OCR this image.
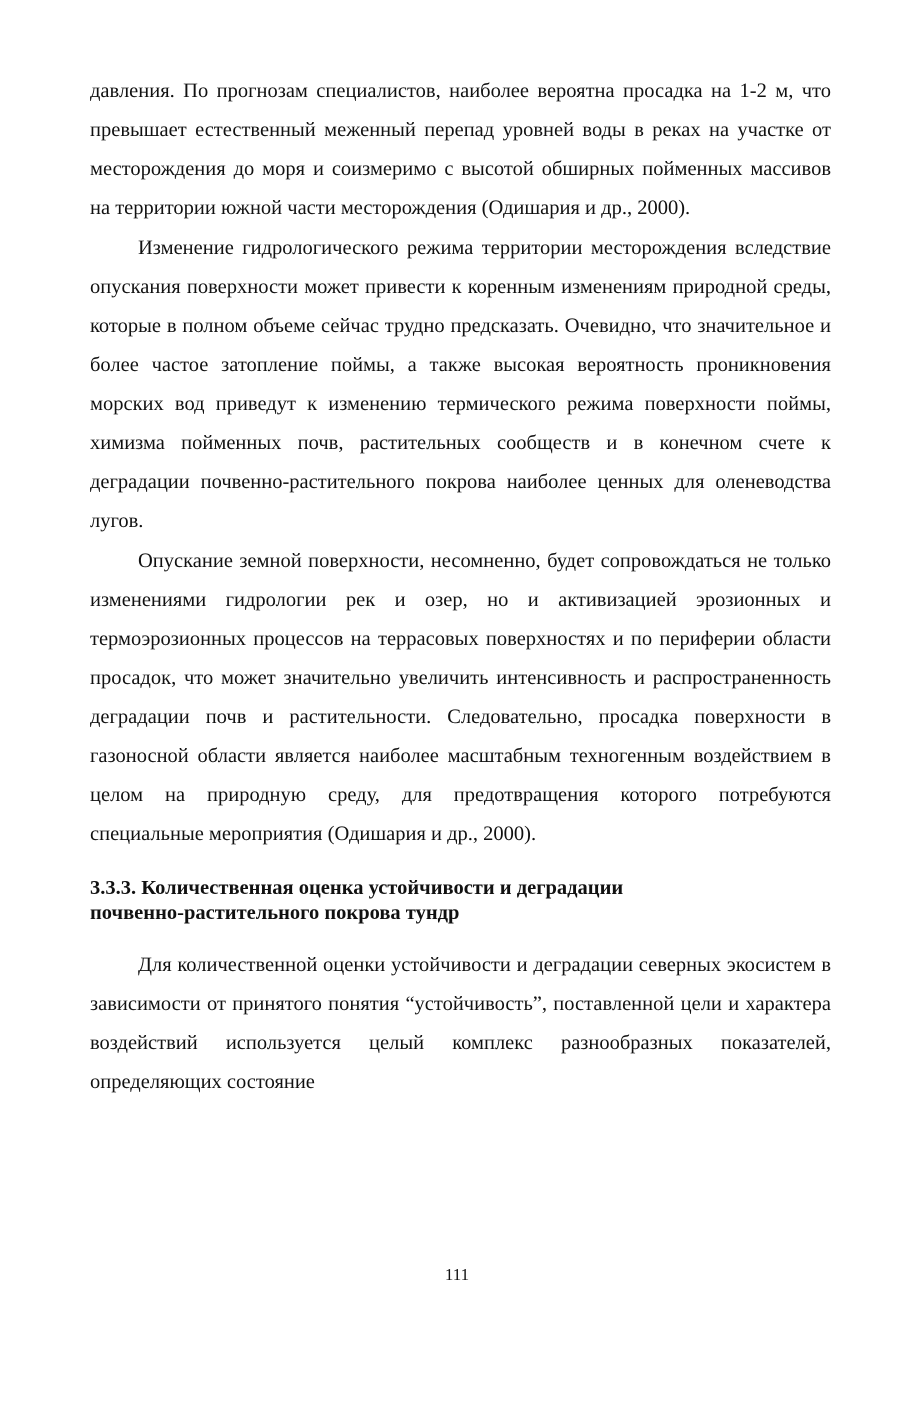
давления. По прогнозам специалистов, наиболее вероятна просадка на 1-2 м, что превышает естественный меженный перепад уровней воды в реках на участке от месторождения до моря и соизмеримо с высотой обширных пойменных массивов на территории южной части месторождения (Одишария и др., 2000).

Изменение гидрологического режима территории месторождения вследствие опускания поверхности может привести к коренным изменениям природной среды, которые в полном объеме сейчас трудно предсказать. Очевидно, что значительное и более частое затопление поймы, а также высокая вероятность проникновения морских вод приведут к изменению термического режима поверхности поймы, химизма пойменных почв, растительных сообществ и в конечном счете к деградации почвенно-растительного покрова наиболее ценных для оленеводства лугов.

Опускание земной поверхности, несомненно, будет сопровождаться не только изменениями гидрологии рек и озер, но и активизацией эрозионных и термоэрозионных процессов на террасовых поверхностях и по периферии области просадок, что может значительно увеличить интенсивность и распространенность деградации почв и растительности. Следовательно, просадка поверхности в газоносной области является наиболее масштабным техногенным воздействием в целом на природную среду, для предотвращения которого потребуются специальные мероприятия (Одишария и др., 2000).

3.3.3. Количественная оценка устойчивости и деградации
почвенно-растительного покрова тундр

Для количественной оценки устойчивости и деградации северных экосистем в зависимости от принятого понятия “устойчивость”, поставленной цели и характера воздействий используется целый комплекс разнообразных показателей, определяющих состояние

111
